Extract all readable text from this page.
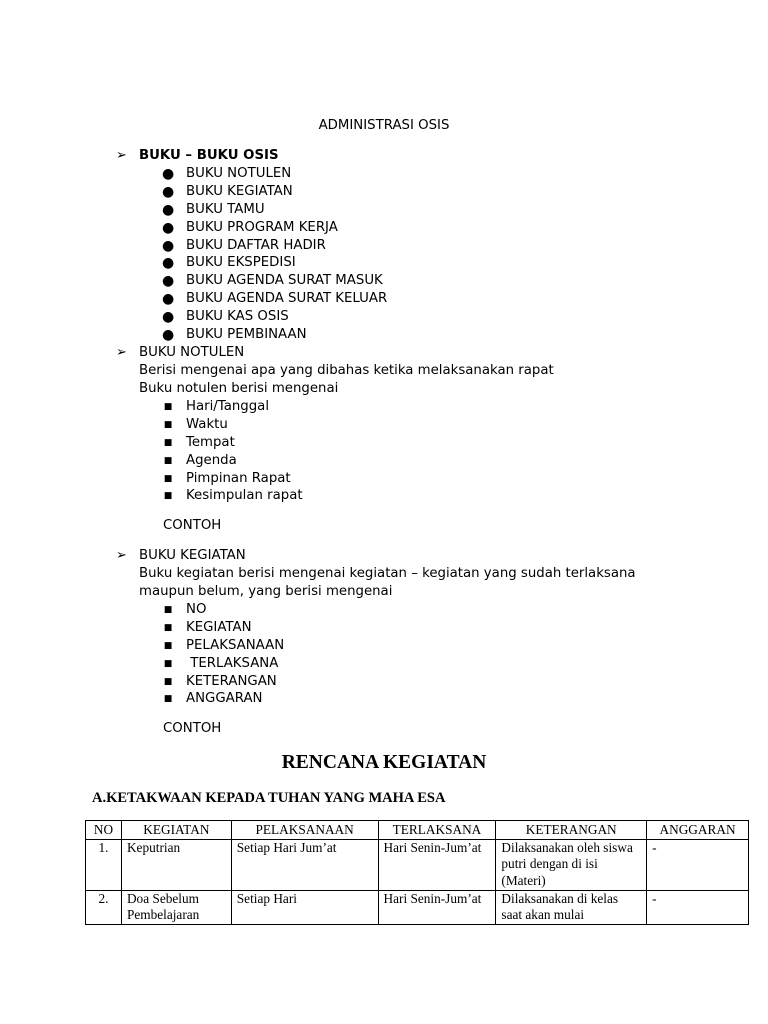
ADMINISTRASI OSIS
➢ BUKU – BUKU OSIS
● BUKU NOTULEN
● BUKU KEGIATAN
● BUKU TAMU
● BUKU PROGRAM KERJA
● BUKU DAFTAR HADIR
● BUKU EKSPEDISI
● BUKU AGENDA SURAT MASUK
● BUKU AGENDA SURAT KELUAR
● BUKU KAS OSIS
● BUKU PEMBINAAN
➢ BUKU NOTULEN
Berisi mengenai apa yang dibahas ketika melaksanakan rapat
Buku notulen berisi mengenai
■ Hari/Tanggal
■ Waktu
■ Tempat
■ Agenda
■ Pimpinan Rapat
■ Kesimpulan rapat
CONTOH
➢ BUKU KEGIATAN
Buku kegiatan berisi mengenai kegiatan – kegiatan yang sudah terlaksana
maupun belum, yang berisi mengenai
■ NO
■ KEGIATAN
■ PELAKSANAAN
■ TERLAKSANA
■ KETERANGAN
■ ANGGARAN
CONTOH
RENCANA KEGIATAN
A.KETAKWAAN KEPADA TUHAN YANG MAHA ESA
NO	KEGIATAN	PELAKSANAAN	TERLAKSANA	KETERANGAN	ANGGARAN
1.	Keputrian	Setiap Hari Jum’at	Hari Senin-Jum’at	Dilaksanakan oleh siswa putri dengan di isi (Materi)	-
2.	Doa Sebelum Pembelajaran	Setiap Hari	Hari Senin-Jum’at	Dilaksanakan di kelas saat akan mulai	-
